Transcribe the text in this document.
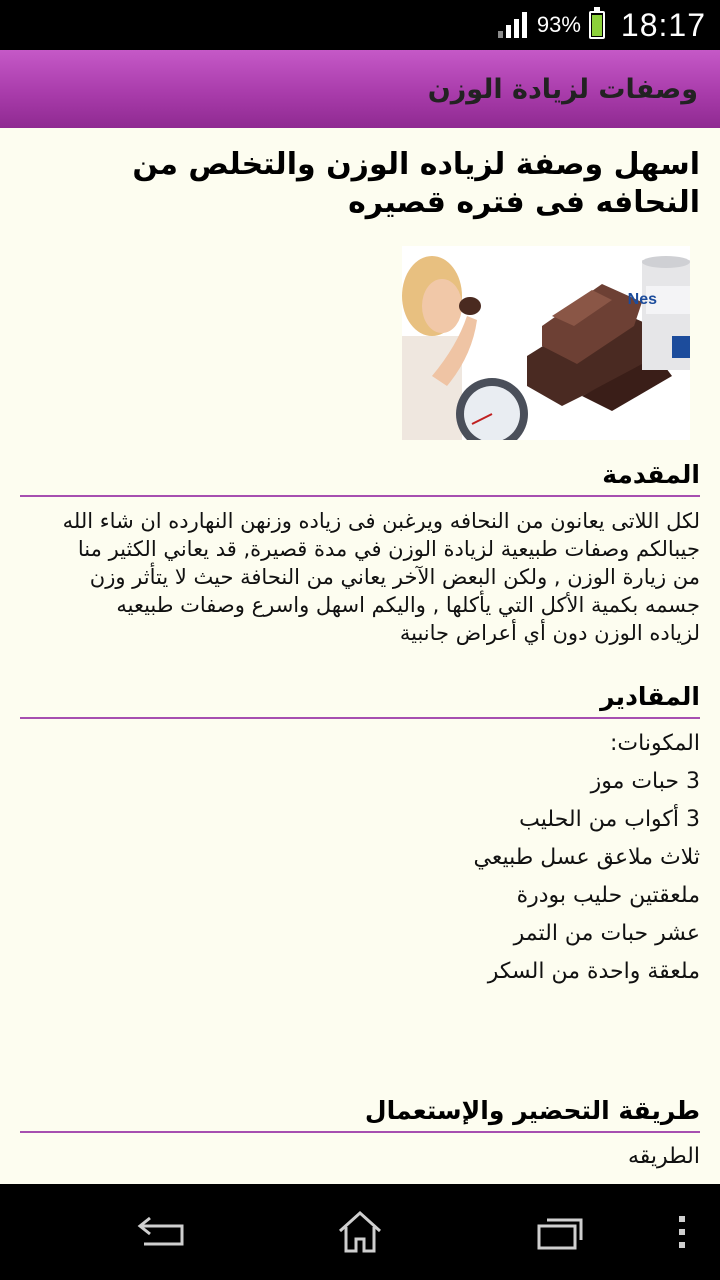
93% 18:17
وصفات لزيادة الوزن
اسهل وصفة لزياده الوزن والتخلص من النحافه فى فتره قصيره
Nes
المقدمة
لكل اللاتى يعانون من النحافه ويرغبن فى زياده وزنهن النهارده ان شاء الله جيبالكم وصفات طبيعية لزيادة الوزن في مدة قصيرة, قد يعاني الكثير منا من زيارة الوزن , ولكن البعض الآخر يعاني من النحافة حيث لا يتأثر وزن جسمه بكمية الأكل التي يأكلها , واليكم اسهل واسرع وصفات طبيعيه لزياده الوزن دون أي أعراض جانبية
المقادير
المكونات:
3 حبات موز
3 أكواب من الحليب
ثلاث ملاعق عسل طبيعي
ملعقتين حليب بودرة
عشر حبات من التمر
ملعقة واحدة من السكر
طريقة التحضير والإستعمال
الطريقه
